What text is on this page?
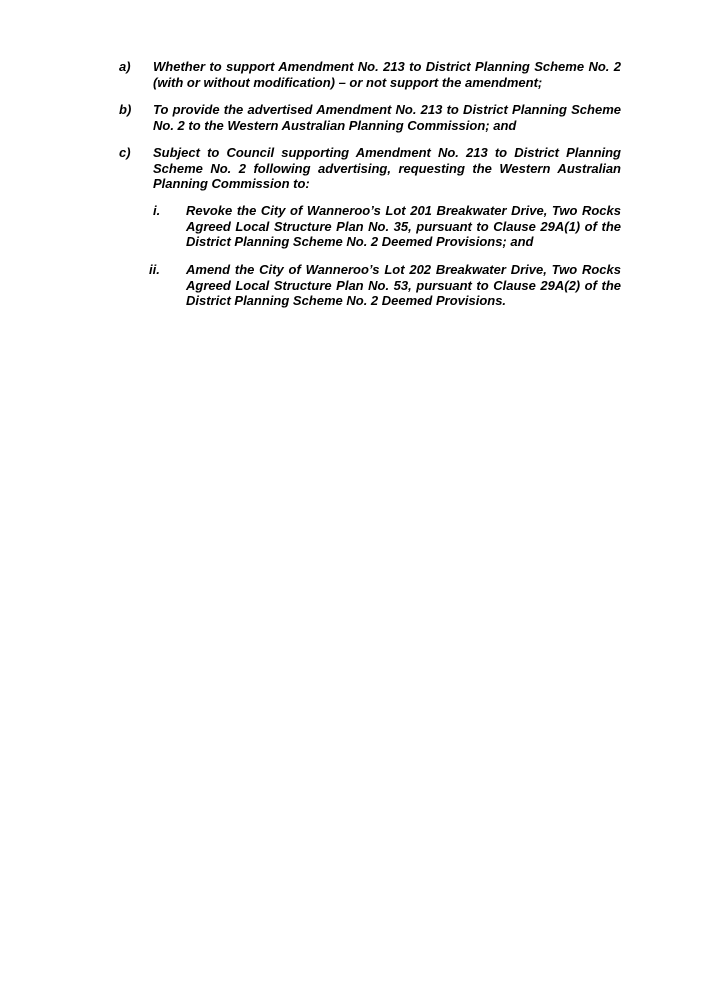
a) Whether to support Amendment No. 213 to District Planning Scheme No. 2 (with or without modification) – or not support the amendment;
b) To provide the advertised Amendment No. 213 to District Planning Scheme No. 2 to the Western Australian Planning Commission; and
c) Subject to Council supporting Amendment No. 213 to District Planning Scheme No. 2 following advertising, requesting the Western Australian Planning Commission to:
i. Revoke the City of Wanneroo’s Lot 201 Breakwater Drive, Two Rocks Agreed Local Structure Plan No. 35, pursuant to Clause 29A(1) of the District Planning Scheme No. 2 Deemed Provisions; and
ii. Amend the City of Wanneroo’s Lot 202 Breakwater Drive, Two Rocks Agreed Local Structure Plan No. 53, pursuant to Clause 29A(2) of the District Planning Scheme No. 2 Deemed Provisions.
